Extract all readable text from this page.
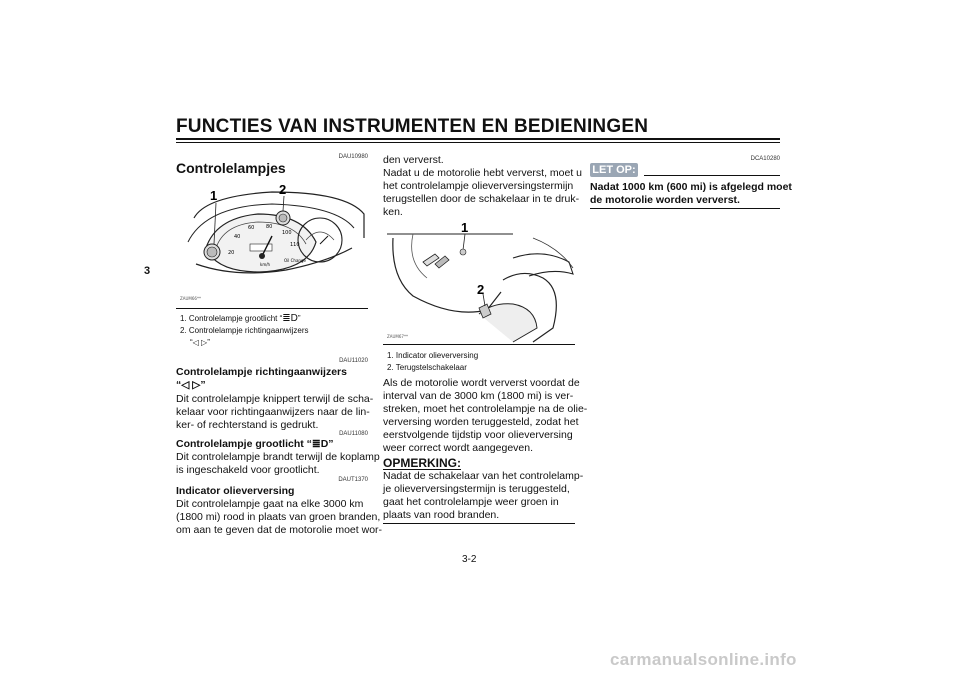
FUNCTIES VAN INSTRUMENTEN EN BEDIENINGEN
3
DAU10980
Controlelampjes
20
40
60 80
100
110
km/h
Oil Change
1	2
ZAUM66**
1. Controlelampje grootlicht “≣D”
2. Controlelampje richtingaanwijzers
“◁ ▷”
DAU11020
Controlelampje richtingaanwijzers
“◁ ▷”
Dit controlelampje knippert terwijl de scha-
kelaar voor richtingaanwijzers naar de lin-
ker- of rechterstand is gedrukt.
DAU11080
Controlelampje grootlicht “≣D”
Dit controlelampje brandt terwijl de koplamp
is ingeschakeld voor grootlicht.
DAUT1370
Indicator olieverversing
Dit controlelampje gaat na elke 3000 km
(1800 mi) rood in plaats van groen branden,
om aan te geven dat de motorolie moet wor-
den ververst.
Nadat u de motorolie hebt ververst, moet u
het controlelampje olieverversingstermijn
terugstellen door de schakelaar in te druk-
ken.
1
2
ZAUM67**
1. Indicator olieverversing
2. Terugstelschakelaar
Als de motorolie wordt ververst voordat de
interval van de 3000 km (1800 mi) is ver-
streken, moet het controlelampje na de olie-
verversing worden teruggesteld, zodat het
eerstvolgende tijdstip voor olieverversing
weer correct wordt aangegeven.
OPMERKING:
Nadat de schakelaar van het controlelamp-
je olieverversingstermijn is teruggesteld,
gaat het controlelampje weer groen in
plaats van rood branden.
DCA10280
LET OP:
Nadat 1000 km (600 mi) is afgelegd moet
de motorolie worden ververst.
3-2
carmanualsonline.info
